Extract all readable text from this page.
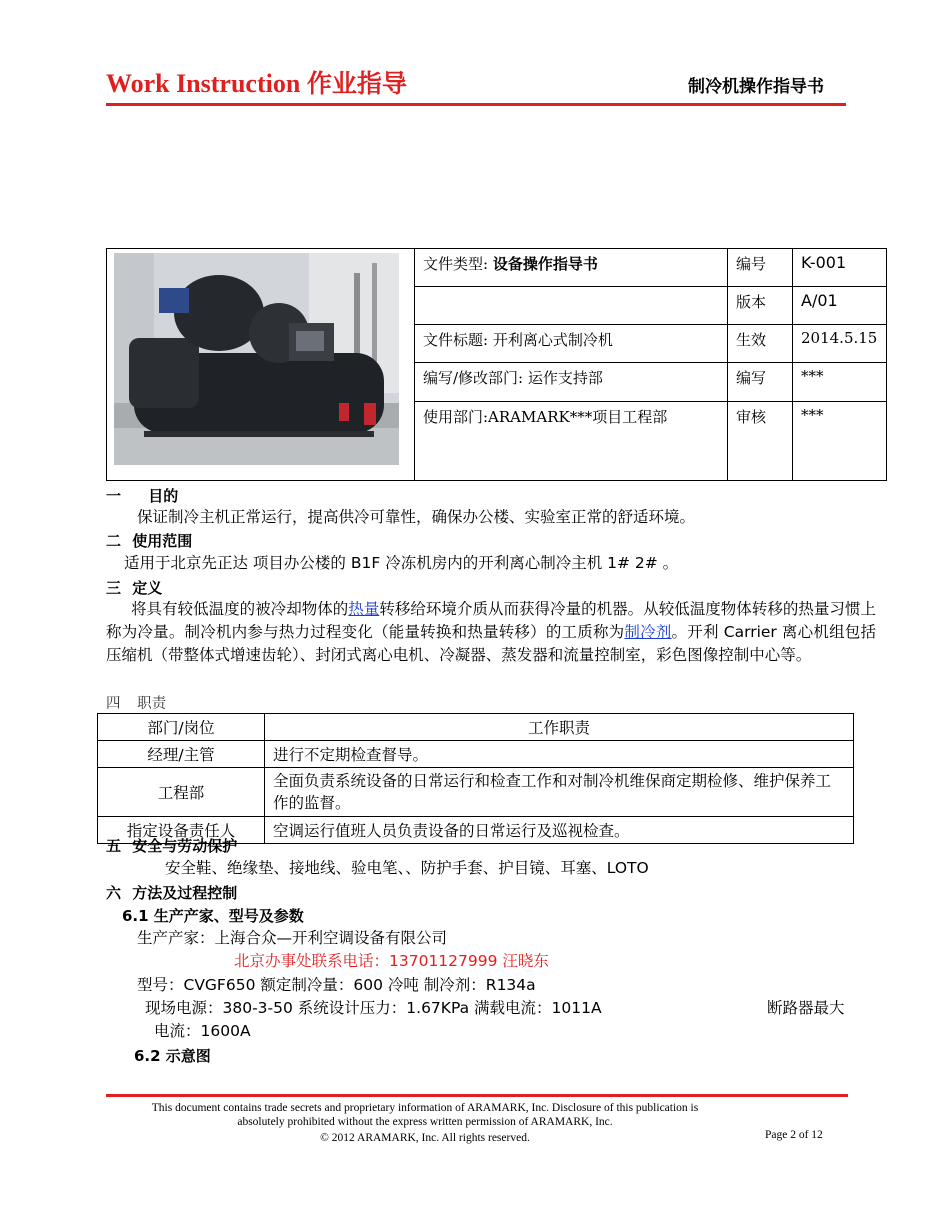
Work Instruction 作业指导	制冷机操作指导书
	文件类型: 设备操作指导书	编号	K-001
		版本	A/01
	文件标题: 开利离心式制冷机	生效	2014.5.15
	编写/修改部门: 运作支持部	编写	***
	使用部门:ARAMARK***项目工程部	审核	***
一 目的
保证制冷主机正常运行，提高供冷可靠性，确保办公楼、实验室正常的舒适环境。
二 使用范围
适用于北京先正达 项目办公楼的 B1F 冷冻机房内的开利离心制冷主机 1# 2# 。
三 定义
将具有较低温度的被冷却物体的热量转移给环境介质从而获得冷量的机器。从较低温度物体转移的热量习惯上称为冷量。制冷机内参与热力过程变化（能量转换和热量转移）的工质称为制冷剂。开利 Carrier 离心机组包括压缩机（带整体式增速齿轮）、封闭式离心电机、冷凝器、蒸发器和流量控制室，彩色图像控制中心等。
四 职责
部门/岗位	工作职责
经理/主管	进行不定期检查督导。
工程部	全面负责系统设备的日常运行和检查工作和对制冷机维保商定期检修、维护保养工作的监督。
指定设备责任人	空调运行值班人员负责设备的日常运行及巡视检查。
五 安全与劳动保护
安全鞋、绝缘垫、接地线、验电笔、、防护手套、护目镜、耳塞、LOTO
六 方法及过程控制
6.1 生产产家、型号及参数
生产产家：上海合众—开利空调设备有限公司
北京办事处联系电话：13701127999 汪晓东
型号：CVGF650 额定制冷量：600 冷吨 制冷剂：R134a
现场电源：380-3-50 系统设计压力：1.67KPa 满载电流：1011A	断路器最大
电流：1600A
6.2 示意图
This document contains trade secrets and proprietary information of ARAMARK, Inc. Disclosure of this publication is
absolutely prohibited without the express written permission of ARAMARK, Inc.
© 2012 ARAMARK, Inc. All rights reserved.	Page 2 of 12
